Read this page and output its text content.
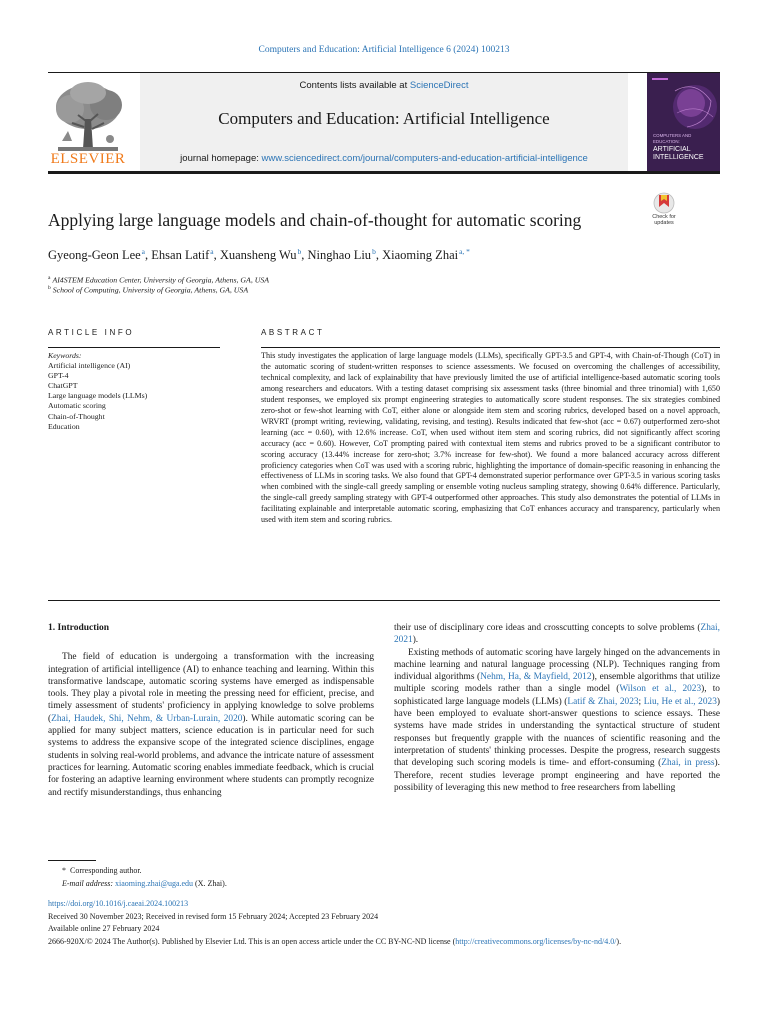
Computers and Education: Artificial Intelligence 6 (2024) 100213
ELSEVIER
Contents lists available at ScienceDirect
Computers and Education: Artificial Intelligence
journal homepage: www.sciencedirect.com/journal/computers-and-education-artificial-intelligence
COMPUTERS AND
EDUCATION:
ARTIFICIAL
INTELLIGENCE
Applying large language models and chain-of-thought for automatic scoring	Check for
updates
Gyeong-Geon Lee$^a$, Ehsan Latif$^a$, Xuansheng Wu$^b$, Ninghao Liu$^b$, Xiaoming Zhai$^{a, *}$
$^a$ AI4STEM Education Center, University of Georgia, Athens, GA, USA
$^b$ School of Computing, University of Georgia, Athens, GA, USA
ARTICLE INFO	ABSTRACT
Keywords:
Artificial intelligence (AI)
GPT-4
ChatGPT
Large language models (LLMs)
Automatic scoring
Chain-of-Thought
Education
This study investigates the application of large language models (LLMs), specifically GPT-3.5 and GPT-4, with Chain-of-Though (CoT) in the automatic scoring of student-written responses to science assessments. We focused on overcoming the challenges of accessibility, technical complexity, and lack of explainability that have previously limited the use of artificial intelligence-based automatic scoring tools among researchers and educators. With a testing dataset comprising six assessment tasks (three binomial and three trinomial) with 1,650 student responses, we employed six prompt engineering strategies to automatically score student responses. The six strategies combined zero-shot or few-shot learning with CoT, either alone or alongside item stem and scoring rubrics, developed based on a novel approach, WRVRT (prompt writing, reviewing, validating, revising, and testing). Results indicated that few-shot (acc = 0.67) outperformed zero-shot learning (acc = 0.60), with 12.6% increase. CoT, when used without item stem and scoring rubrics, did not significantly affect scoring accuracy (acc = 0.60). However, CoT prompting paired with contextual item stems and rubrics proved to be a significant contributor to scoring accuracy (13.44% increase for zero-shot; 3.7% increase for few-shot). We found a more balanced accuracy across different proficiency categories when CoT was used with a scoring rubric, highlighting the importance of domain-specific reasoning in enhancing the effectiveness of LLMs in scoring tasks. We also found that GPT-4 demonstrated superior performance over GPT-3.5 in various scoring tasks when combined with the single-call greedy sampling or ensemble voting nucleus sampling strategy, showing 0.64% difference. Particularly, the single-call greedy sampling strategy with GPT-4 outperformed other approaches. This study also demonstrates the potential of LLMs in facilitating explainable and interpretable automatic scoring, emphasizing that CoT enhances accuracy and transparency, particularly when used with item stem and scoring rubrics.

1. Introduction

The field of education is undergoing a transformation with the increasing integration of artificial intelligence (AI) to enhance teaching and learning. Within this transformative landscape, automatic scoring systems have emerged as indispensable tools. They play a pivotal role in meeting the pressing need for efficient, precise, and timely assessment of students' proficiency in applying knowledge to solve problems (Zhai, Haudek, Shi, Nehm, & Urban-Lurain, 2020). While automatic scoring can be applied for many subject matters, science education is in particular need for such systems to address the expansive scope of the integrated science disciplines, engage students in solving real-world problems, and advance the intricate nature of assessment practices for learning. Automatic scoring enables immediate feedback, which is crucial for fostering an adaptive learning environment where students can promptly recognize and rectify misunderstandings, thus enhancing

their use of disciplinary core ideas and crosscutting concepts to solve problems (Zhai, 2021).

Existing methods of automatic scoring have largely hinged on the advancements in machine learning and natural language processing (NLP). Techniques ranging from individual algorithms (Nehm, Ha, & Mayfield, 2012), ensemble algorithms that utilize multiple scoring models rather than a single model (Wilson et al., 2023), to sophisticated large language models (LLMs) (Latif & Zhai, 2023; Liu, He et al., 2023) have been employed to evaluate short-answer questions to science essays. These systems have made strides in understanding the syntactical structure of student responses but frequently grapple with the nuances of scientific reasoning and the interpretation of students' thinking processes. Despite the progress, research suggests that developing such scoring models is time- and effort-consuming (Zhai, in press). Therefore, recent studies leverage prompt engineering and have reported the possibility of leveraging this new method to free researchers from labelling

* Corresponding author.
E-mail address: xiaoming.zhai@uga.edu (X. Zhai).
https://doi.org/10.1016/j.caeai.2024.100213
Received 30 November 2023; Received in revised form 15 February 2024; Accepted 23 February 2024
Available online 27 February 2024
2666-920X/© 2024 The Author(s). Published by Elsevier Ltd. This is an open access article under the CC BY-NC-ND license (http://creativecommons.org/licenses/by-nc-nd/4.0/).
